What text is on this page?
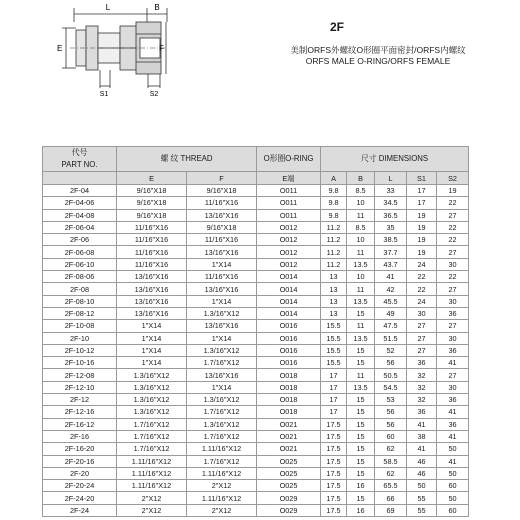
L	B
E	F
S1	S2
2F
美制ORFS外螺纹O形圈平面密封/ORFS内螺纹
ORFS MALE O-RING/ORFS FEMALE
代号
PART NO.	螺 纹 THREAD		O形圈O-RING	尺寸 DIMENSIONS				
	E	F	E端	A	B	L	S1	S2
2F-04	9/16"X18	9/16"X18	O011	9.8	8.5	33	17	19
2F-04-06	9/16"X18	11/16"X16	O011	9.8	10	34.5	17	22
2F-04-08	9/16"X18	13/16"X16	O011	9.8	11	36.5	19	27
2F-06-04	11/16"X16	9/16"X18	O012	11.2	8.5	35	19	22
2F-06	11/16"X16	11/16"X16	O012	11.2	10	38.5	19	22
2F-06-08	11/16"X16	13/16"X16	O012	11.2	11	37.7	19	27
2F-06-10	11/16"X16	1"X14	O012	11.2	13.5	43.7	24	30
2F-08-06	13/16"X16	11/16"X16	O014	13	10	41	22	22
2F-08	13/16"X16	13/16"X16	O014	13	11	42	22	27
2F-08-10	13/16"X16	1"X14	O014	13	13.5	45.5	24	30
2F-08-12	13/16"X16	1.3/16"X12	O014	13	15	49	30	36
2F-10-08	1"X14	13/16"X16	O016	15.5	11	47.5	27	27
2F-10	1"X14	1"X14	O016	15.5	13.5	51.5	27	30
2F-10-12	1"X14	1.3/16"X12	O016	15.5	15	52	27	36
2F-10-16	1"X14	1.7/16"X12	O016	15.5	15	56	36	41
2F-12-08	1.3/16"X12	13/16"X16	O018	17	11	50.5	32	27
2F-12-10	1.3/16"X12	1"X14	O018	17	13.5	54.5	32	30
2F-12	1.3/16"X12	1.3/16"X12	O018	17	15	53	32	36
2F-12-16	1.3/16"X12	1.7/16"X12	O018	17	15	56	36	41
2F-16-12	1.7/16"X12	1.3/16"X12	O021	17.5	15	56	41	36
2F-16	1.7/16"X12	1.7/16"X12	O021	17.5	15	60	38	41
2F-16-20	1.7/16"X12	1.11/16"X12	O021	17.5	15	62	41	50
2F-20-16	1.11/16"X12	1.7/16"X12	O025	17.5	15	58.5	46	41
2F-20	1.11/16"X12	1.11/16"X12	O025	17.5	15	62	46	50
2F-20-24	1.11/16"X12	2"X12	O025	17.5	16	65.5	50	60
2F-24-20	2"X12	1.11/16"X12	O029	17.5	15	66	55	50
2F-24	2"X12	2"X12	O029	17.5	16	69	55	60
